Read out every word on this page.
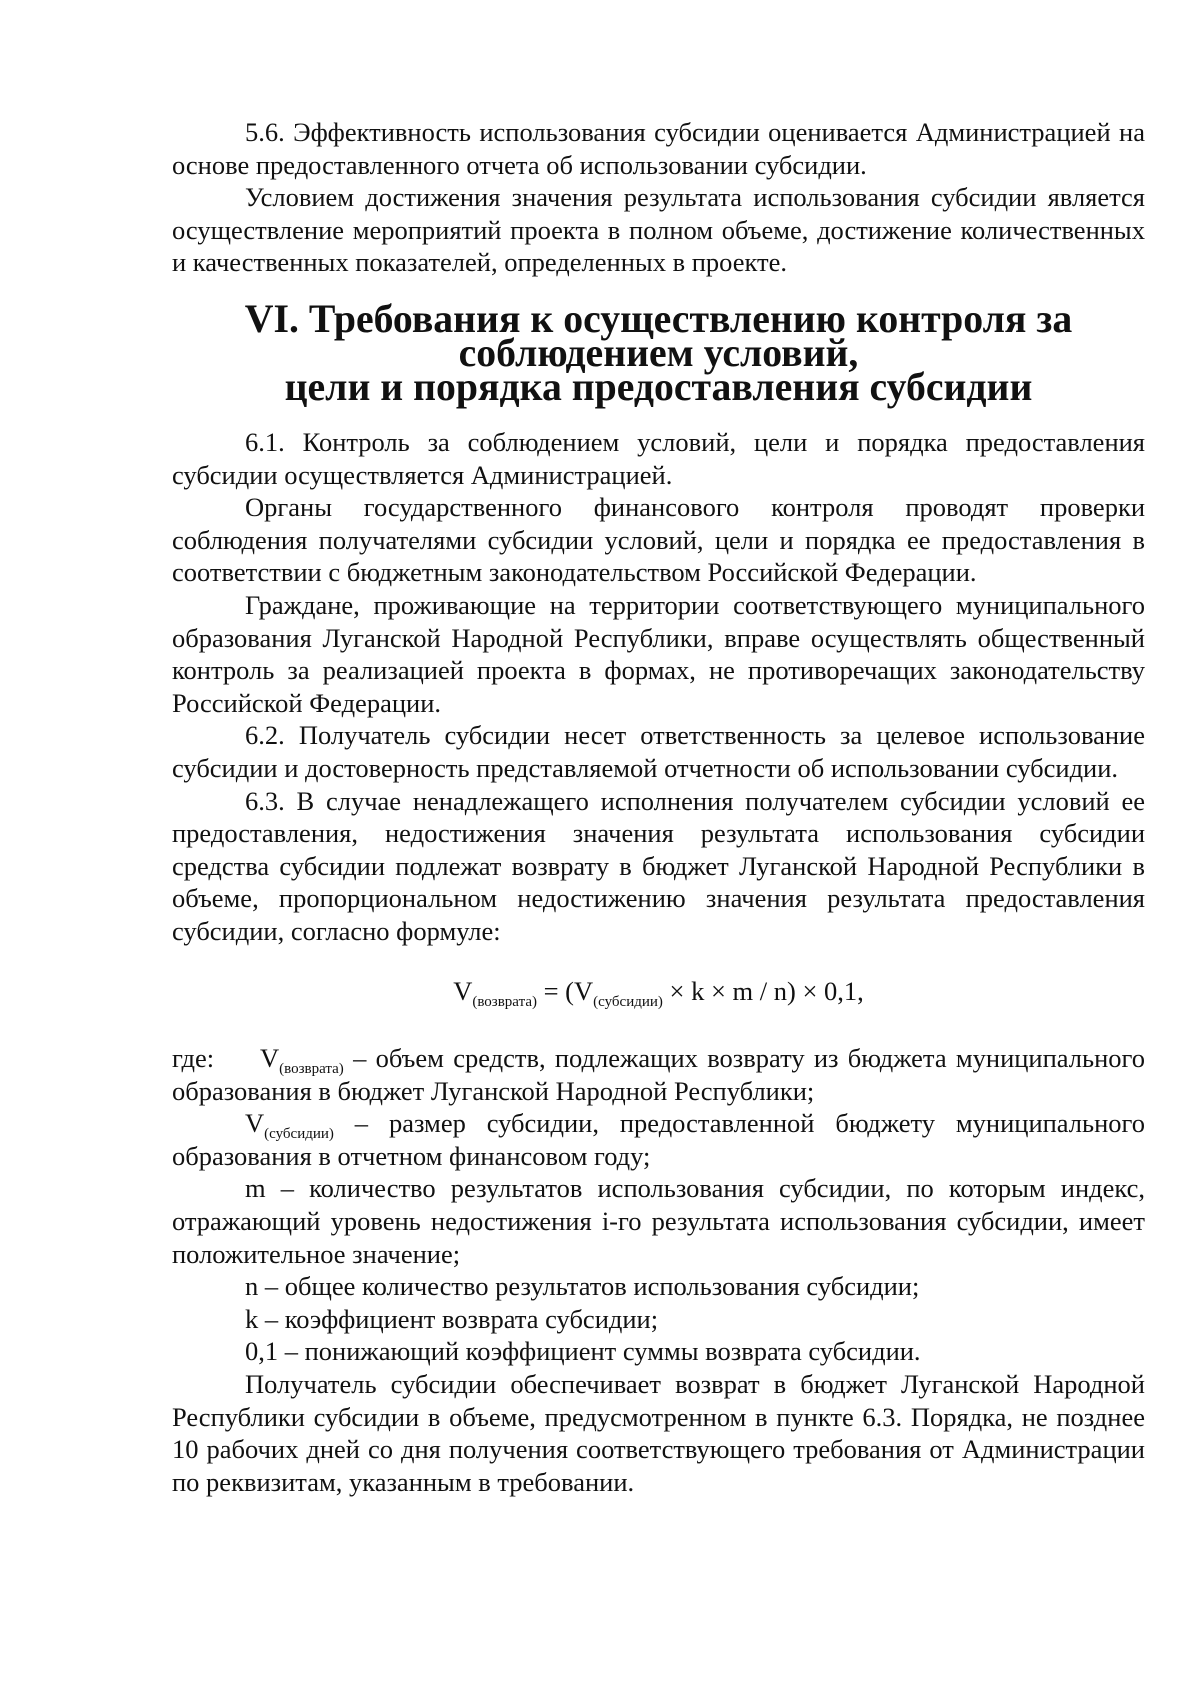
5.6. Эффективность использования субсидии оценивается Администрацией на основе предоставленного отчета об использовании субсидии.

Условием достижения значения результата использования субсидии является осуществление мероприятий проекта в полном объеме, достижение количественных и качественных показателей, определенных в проекте.

VI. Требования к осуществлению контроля за соблюдением условий,
цели и порядка предоставления субсидии

6.1. Контроль за соблюдением условий, цели и порядка предоставления субсидии осуществляется Администрацией.

Органы государственного финансового контроля проводят проверки соблюдения получателями субсидии условий, цели и порядка ее предоставления в соответствии с бюджетным законодательством Российской Федерации.

Граждане, проживающие на территории соответствующего муниципального образования Луганской Народной Республики, вправе осуществлять общественный контроль за реализацией проекта в формах, не противоречащих законодательству Российской Федерации.

6.2. Получатель субсидии несет ответственность за целевое использование субсидии и достоверность представляемой отчетности об использовании субсидии.

6.3. В случае ненадлежащего исполнения получателем субсидии условий ее предоставления, недостижения значения результата использования субсидии средства субсидии подлежат возврату в бюджет Луганской Народной Республики в объеме, пропорциональном недостижению значения результата предоставления субсидии, согласно формуле:

$V_{(возврата)} = (V_{(субсидии)} \times k \times m / n) \times 0,1$,

где: $V_{(возврата)}$ – объем средств, подлежащих возврату из бюджета муниципального образования в бюджет Луганской Народной Республики;

$V_{(субсидии)}$ – размер субсидии, предоставленной бюджету муниципального образования в отчетном финансовом году;

m – количество результатов использования субсидии, по которым индекс, отражающий уровень недостижения i-го результата использования субсидии, имеет положительное значение;

n – общее количество результатов использования субсидии;

k – коэффициент возврата субсидии;

0,1 – понижающий коэффициент суммы возврата субсидии.

Получатель субсидии обеспечивает возврат в бюджет Луганской Народной Республики субсидии в объеме, предусмотренном в пункте 6.3. Порядка, не позднее 10 рабочих дней со дня получения соответствующего требования от Администрации по реквизитам, указанным в требовании.
